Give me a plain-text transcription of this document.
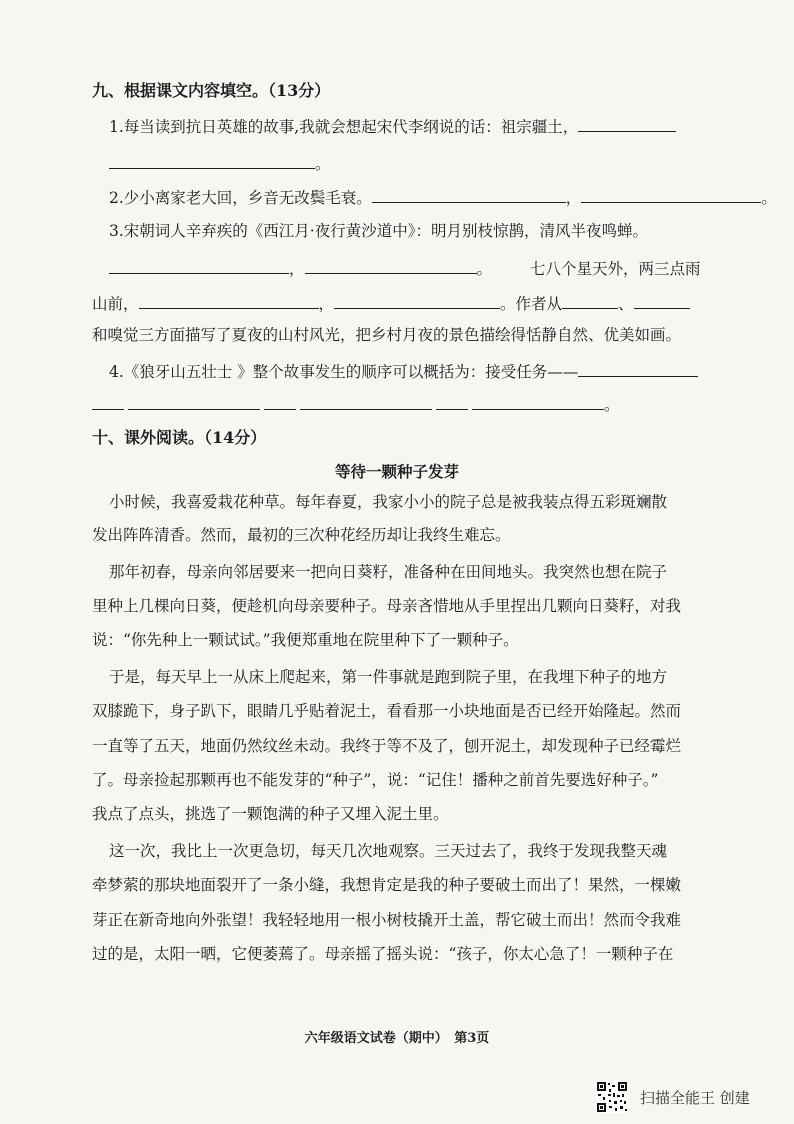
九、根据课文内容填空。（13分）
1.每当读到抗日英雄的故事,我就会想起宋代李纲说的话：祖宗疆土，
。
2.少小离家老大回，乡音无改鬓毛衰。	，	。
3.宋朝词人辛弃疾的《西江月·夜行黄沙道中》：明月别枝惊鹊，清风半夜鸣蝉。
，	。 七八个星天外，两三点雨
山前，	，	。作者从	、
和嗅觉三方面描写了夏夜的山村风光，把乡村月夜的景色描绘得恬静自然、优美如画。
4.《狼牙山五壮士 》整个故事发生的顺序可以概括为：接受任务——
。
十、课外阅读。（14分）
等待一颗种子发芽
小时候，我喜爱栽花种草。每年春夏，我家小小的院子总是被我装点得五彩斑斓散
发出阵阵清香。然而，最初的三次种花经历却让我终生难忘。
那年初春，母亲向邻居要来一把向日葵籽，准备种在田间地头。我突然也想在院子
里种上几棵向日葵，便趁机向母亲要种子。母亲吝惜地从手里捏出几颗向日葵籽，对我
说：“你先种上一颗试试。”我便郑重地在院里种下了一颗种子。
于是，每天早上一从床上爬起来，第一件事就是跑到院子里，在我埋下种子的地方
双膝跪下，身子趴下，眼睛几乎贴着泥土，看看那一小块地面是否已经开始隆起。然而
一直等了五天，地面仍然纹丝未动。我终于等不及了，刨开泥土，却发现种子已经霉烂
了。母亲捡起那颗再也不能发芽的“种子”，说：“记住！播种之前首先要选好种子。”
我点了点头，挑选了一颗饱满的种子又埋入泥土里。
这一次，我比上一次更急切，每天几次地观察。三天过去了，我终于发现我整天魂
牵梦萦的那块地面裂开了一条小缝，我想肯定是我的种子要破土而出了！果然，一棵嫩
芽正在新奇地向外张望！我轻轻地用一根小树枝撬开土盖，帮它破土而出！然而令我难
过的是，太阳一晒，它便萎蔫了。母亲摇了摇头说：“孩子，你太心急了！一颗种子在
六年级语文试卷（期中）　第3页
扫描全能王 创建
